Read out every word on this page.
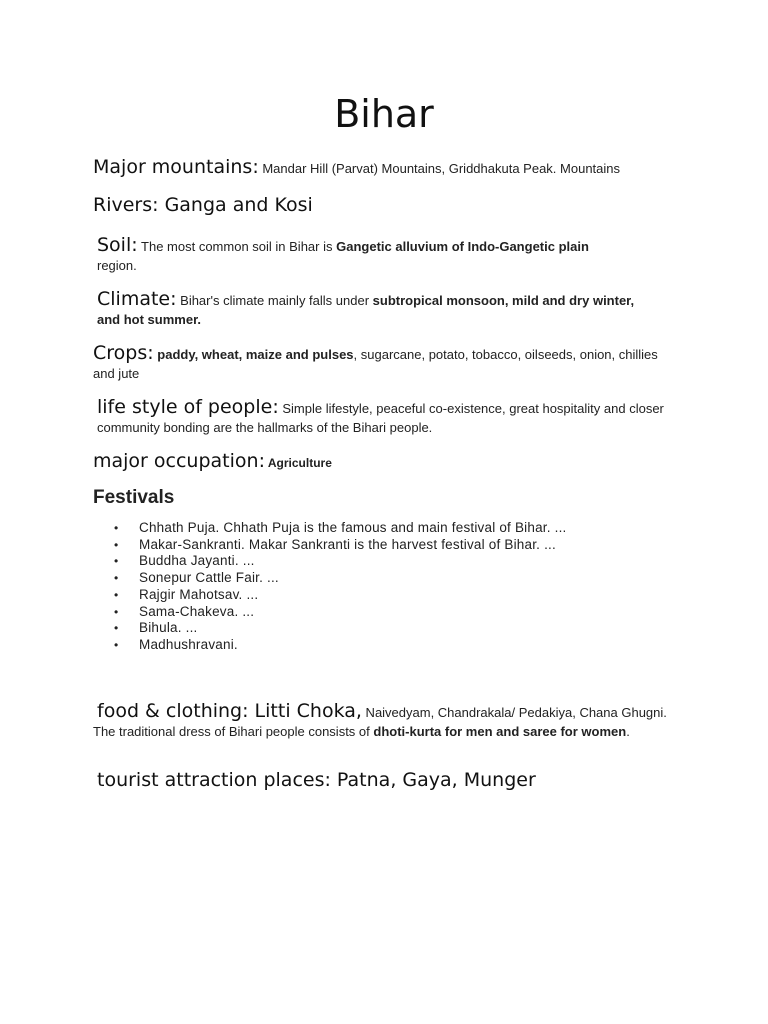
Bihar

Major mountains: Mandar Hill (Parvat) Mountains, Griddhakuta Peak. Mountains

Rivers: Ganga and Kosi

Soil: The most common soil in Bihar is Gangetic alluvium of Indo-Gangetic plain region.

Climate: Bihar's climate mainly falls under subtropical monsoon, mild and dry winter, and hot summer.

Crops: paddy, wheat, maize and pulses, sugarcane, potato, tobacco, oilseeds, onion, chillies and jute

life style of people: Simple lifestyle, peaceful co-existence, great hospitality and closer community bonding are the hallmarks of the Bihari people.

major occupation: Agriculture

Festivals
• Chhath Puja. Chhath Puja is the famous and main festival of Bihar. ...
• Makar-Sankranti. Makar Sankranti is the harvest festival of Bihar. ...
• Buddha Jayanti. ...
• Sonepur Cattle Fair. ...
• Rajgir Mahotsav. ...
• Sama-Chakeva. ...
• Bihula. ...
• Madhushravani.

food & clothing: Litti Choka, Naivedyam, Chandrakala/ Pedakiya, Chana Ghugni. The traditional dress of Bihari people consists of dhoti-kurta for men and saree for women.

tourist attraction places: Patna, Gaya, Munger
